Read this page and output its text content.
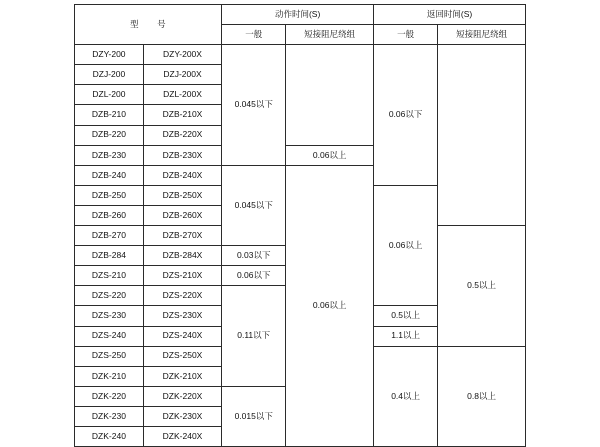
型　　号		动作时间(S)		返回时间(S)	
		一般	短接阻尼绕组	一般	短接阻尼绕组
DZY-200	DZY-200X	0.045以下		0.06以下	
DZJ-200	DZJ-200X				
DZL-200	DZL-200X				
DZB-210	DZB-210X				
DZB-220	DZB-220X				
DZB-230	DZB-230X		0.06以上		
DZB-240	DZB-240X	0.045以下	0.06以上		
DZB-250	DZB-250X			0.06以上	
DZB-260	DZB-260X				
DZB-270	DZB-270X				0.5以上
DZB-284	DZB-284X	0.03以下			
DZS-210	DZS-210X	0.06以下			
DZS-220	DZS-220X	0.11以下			
DZS-230	DZS-230X			0.5以上	
DZS-240	DZS-240X			1.1以上	
DZS-250	DZS-250X			0.4以上	0.8以上
DZK-210	DZK-210X				
DZK-220	DZK-220X	0.015以下			
DZK-230	DZK-230X				
DZK-240	DZK-240X				
